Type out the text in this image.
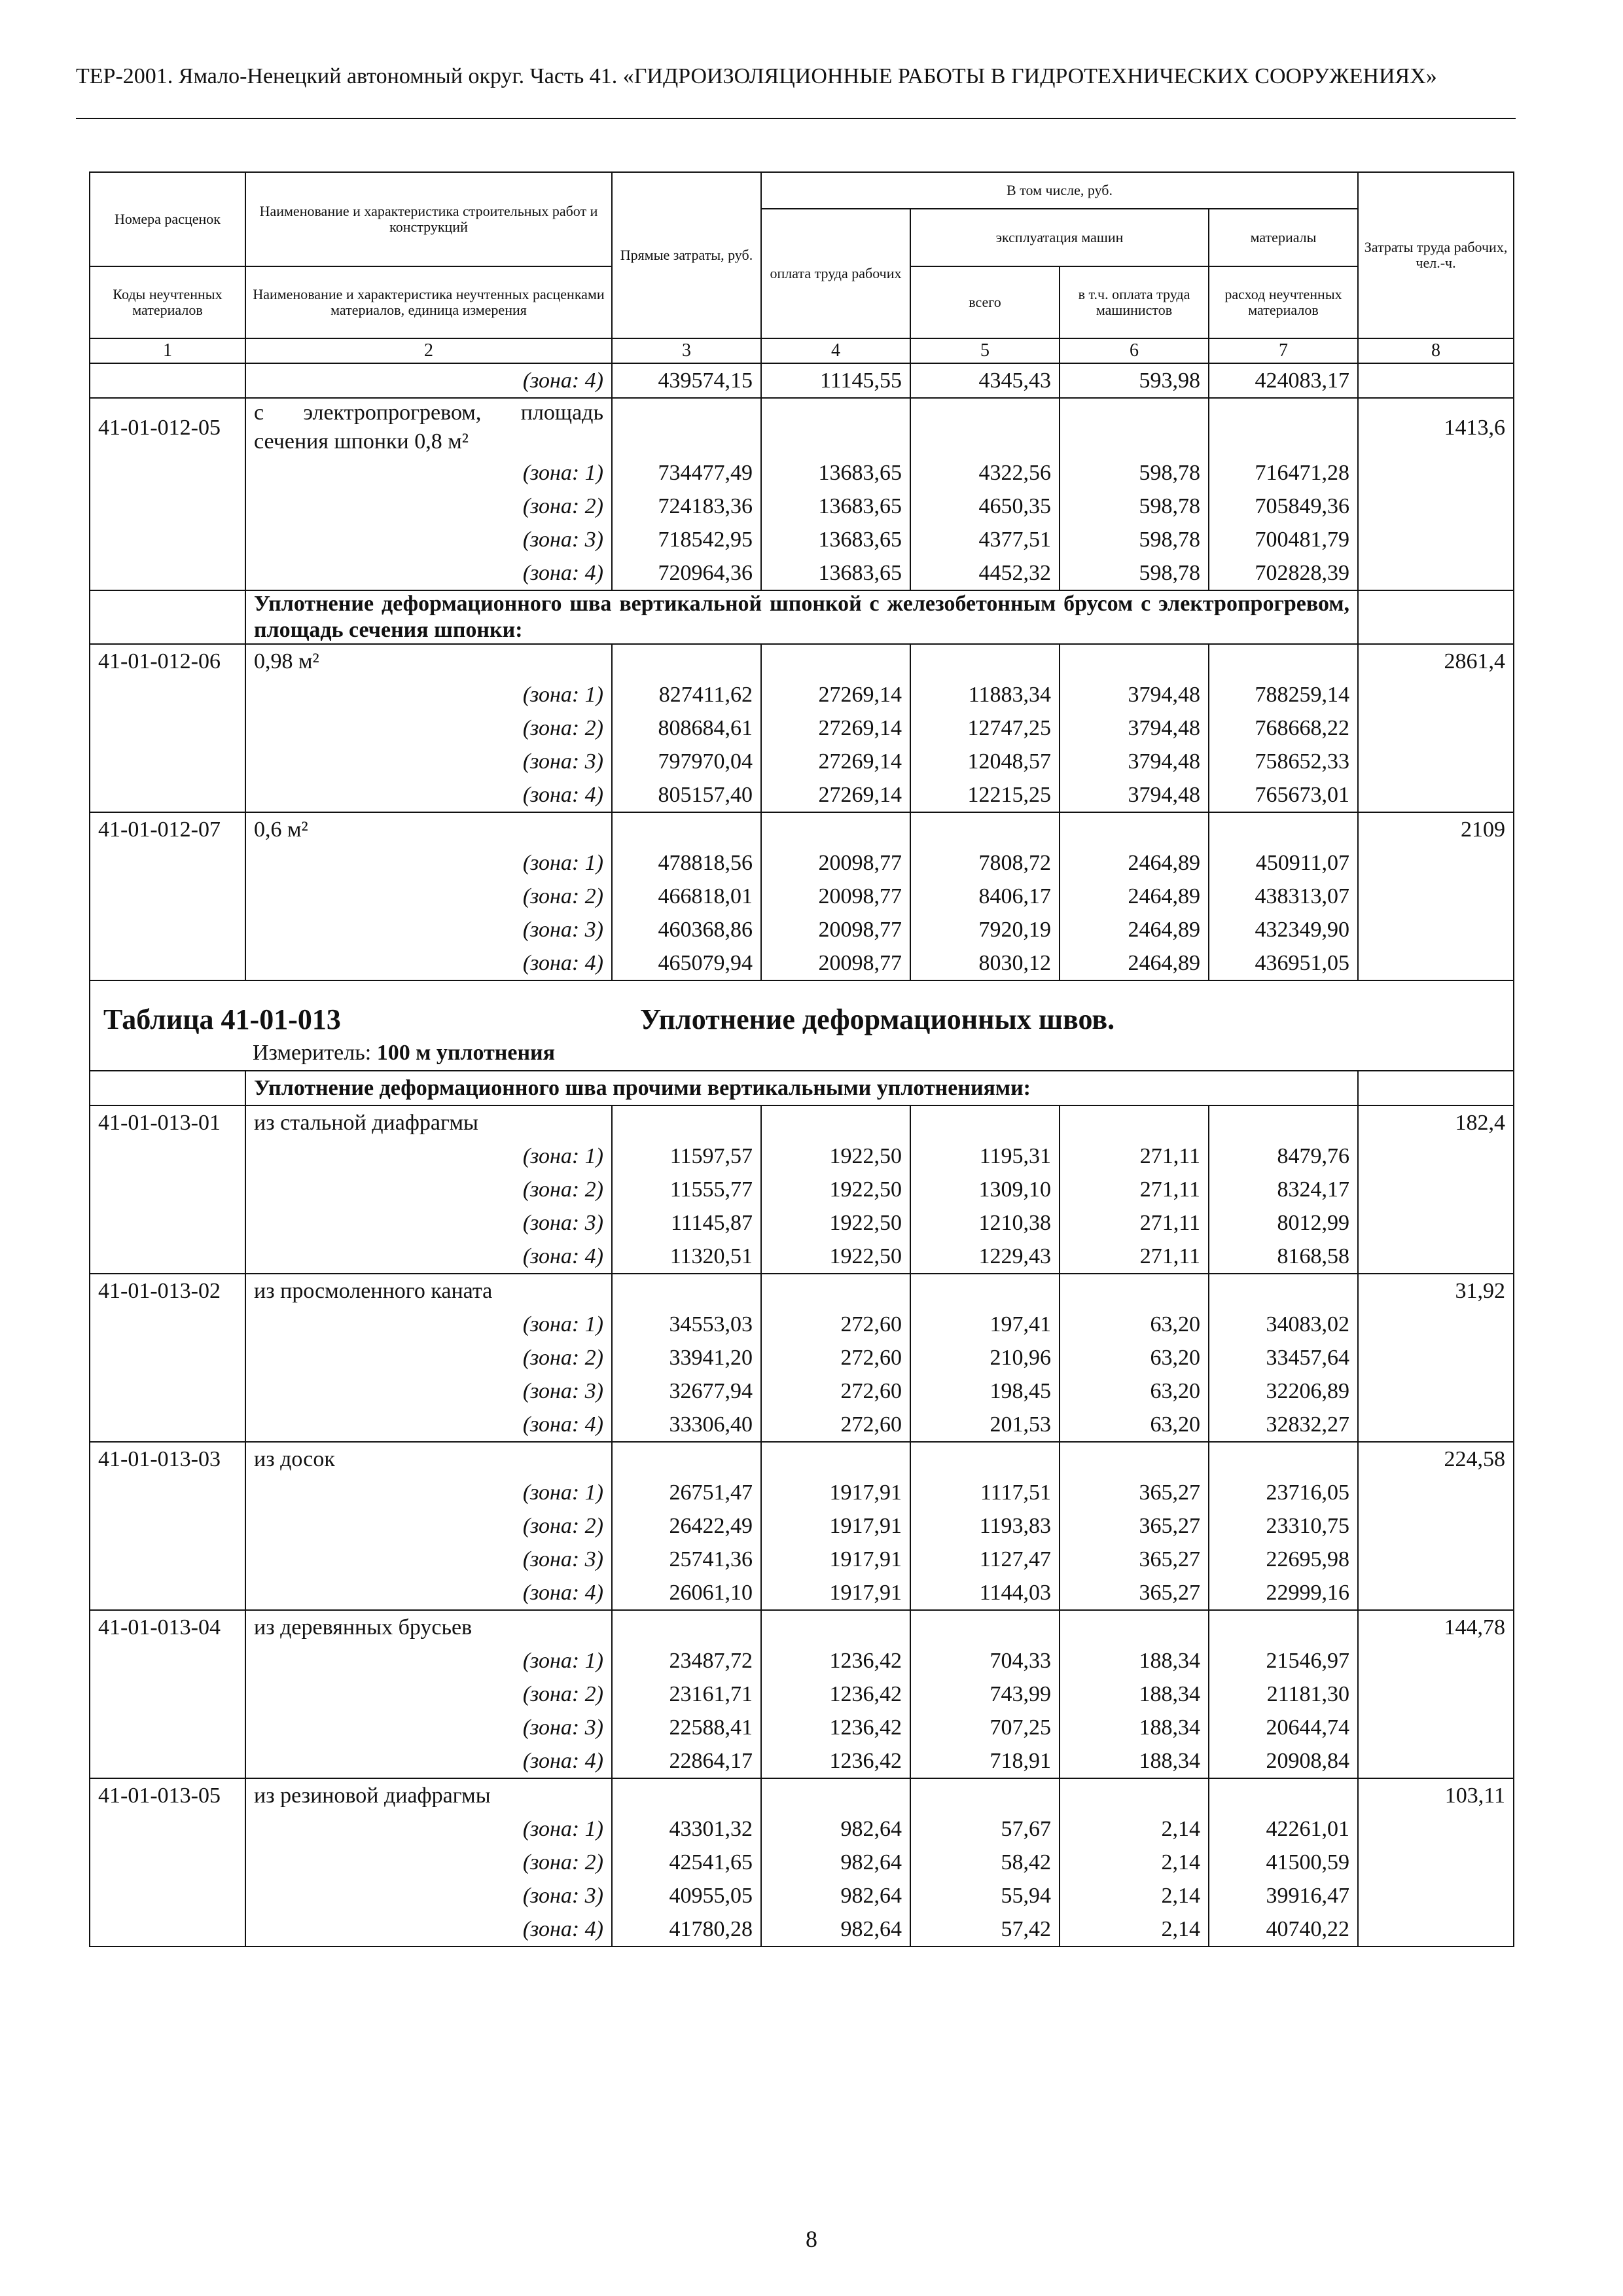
ТЕР-2001. Ямало-Ненецкий автономный округ. Часть 41. «ГИДРОИЗОЛЯЦИОННЫЕ РАБОТЫ В ГИДРОТЕХНИЧЕСКИХ СООРУЖЕНИЯХ»
Номера расценок	Наименование и характеристика строительных работ и конструкций	Прямые затраты, руб.	В том числе, руб.				Затраты труда рабочих, чел.-ч.
			оплата труда рабочих	эксплуатация машин		материалы	
Коды неучтенных материалов	Наименование и характеристика неучтенных расценками материалов, единица измерения			всего	в т.ч. оплата труда машинистов	расход неучтенных материалов	
1	2	3	4	5	6	7	8
	(зона: 4)	439574,15	11145,55	4345,43	593,98	424083,17	
41-01-012-05	с электропрогревом, площадь сечения шпонки 0,8 м²						1413,6
	(зона: 1)	734477,49	13683,65	4322,56	598,78	716471,28	
	(зона: 2)	724183,36	13683,65	4650,35	598,78	705849,36	
	(зона: 3)	718542,95	13683,65	4377,51	598,78	700481,79	
	(зона: 4)	720964,36	13683,65	4452,32	598,78	702828,39	
	Уплотнение деформационного шва вертикальной шпонкой с железобетонным брусом с электропрогревом, площадь сечения шпонки:						
41-01-012-06	0,98 м²						2861,4
	(зона: 1)	827411,62	27269,14	11883,34	3794,48	788259,14	
	(зона: 2)	808684,61	27269,14	12747,25	3794,48	768668,22	
	(зона: 3)	797970,04	27269,14	12048,57	3794,48	758652,33	
	(зона: 4)	805157,40	27269,14	12215,25	3794,48	765673,01	
41-01-012-07	0,6 м²						2109
	(зона: 1)	478818,56	20098,77	7808,72	2464,89	450911,07	
	(зона: 2)	466818,01	20098,77	8406,17	2464,89	438313,07	
	(зона: 3)	460368,86	20098,77	7920,19	2464,89	432349,90	
	(зона: 4)	465079,94	20098,77	8030,12	2464,89	436951,05	
Таблица 41-01-013 Уплотнение деформационных швов.
Измеритель: 100 м уплотнения							

	Уплотнение деформационного шва прочими вертикальными уплотнениями:						
41-01-013-01	из стальной диафрагмы						182,4
	(зона: 1)	11597,57	1922,50	1195,31	271,11	8479,76	
	(зона: 2)	11555,77	1922,50	1309,10	271,11	8324,17	
	(зона: 3)	11145,87	1922,50	1210,38	271,11	8012,99	
	(зона: 4)	11320,51	1922,50	1229,43	271,11	8168,58	
41-01-013-02	из просмоленного каната						31,92
	(зона: 1)	34553,03	272,60	197,41	63,20	34083,02	
	(зона: 2)	33941,20	272,60	210,96	63,20	33457,64	
	(зона: 3)	32677,94	272,60	198,45	63,20	32206,89	
	(зона: 4)	33306,40	272,60	201,53	63,20	32832,27	
41-01-013-03	из досок						224,58
	(зона: 1)	26751,47	1917,91	1117,51	365,27	23716,05	
	(зона: 2)	26422,49	1917,91	1193,83	365,27	23310,75	
	(зона: 3)	25741,36	1917,91	1127,47	365,27	22695,98	
	(зона: 4)	26061,10	1917,91	1144,03	365,27	22999,16	
41-01-013-04	из деревянных брусьев						144,78
	(зона: 1)	23487,72	1236,42	704,33	188,34	21546,97	
	(зона: 2)	23161,71	1236,42	743,99	188,34	21181,30	
	(зона: 3)	22588,41	1236,42	707,25	188,34	20644,74	
	(зона: 4)	22864,17	1236,42	718,91	188,34	20908,84	
41-01-013-05	из резиновой диафрагмы						103,11
	(зона: 1)	43301,32	982,64	57,67	2,14	42261,01	
	(зона: 2)	42541,65	982,64	58,42	2,14	41500,59	
	(зона: 3)	40955,05	982,64	55,94	2,14	39916,47	
	(зона: 4)	41780,28	982,64	57,42	2,14	40740,22	
8
